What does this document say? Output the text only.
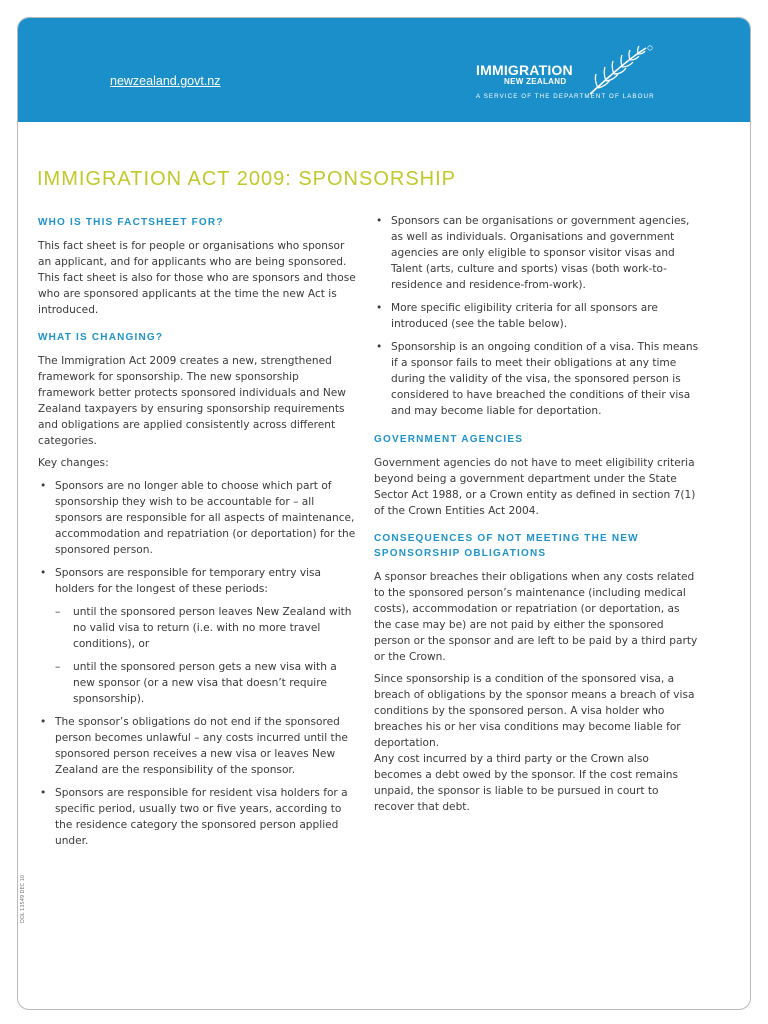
newzealand.govt.nz
IMMIGRATION
NEW ZEALAND
A SERVICE OF THE DEPARTMENT OF LABOUR
DOL 13549 DEC 10
IMMIGRATION ACT 2009: SPONSORSHIP
WHO IS THIS FACTSHEET FOR?
This fact sheet is for people or organisations who sponsor an applicant, and for applicants who are being sponsored. This fact sheet is also for those who are sponsors and those who are sponsored applicants at the time the new Act is introduced.
WHAT IS CHANGING?
The Immigration Act 2009 creates a new, strengthened framework for sponsorship. The new sponsorship framework better protects sponsored individuals and New Zealand taxpayers by ensuring sponsorship requirements and obligations are applied consistently across different categories.
Key changes:
• Sponsors are no longer able to choose which part of sponsorship they wish to be accountable for – all sponsors are responsible for all aspects of maintenance, accommodation and repatriation (or deportation) for the sponsored person.
• Sponsors are responsible for temporary entry visa holders for the longest of these periods:
– until the sponsored person leaves New Zealand with no valid visa to return (i.e. with no more travel conditions), or
– until the sponsored person gets a new visa with a new sponsor (or a new visa that doesn’t require sponsorship).
• The sponsor’s obligations do not end if the sponsored person becomes unlawful – any costs incurred until the sponsored person receives a new visa or leaves New Zealand are the responsibility of the sponsor.
• Sponsors are responsible for resident visa holders for a specific period, usually two or five years, according to the residence category the sponsored person applied under.
• Sponsors can be organisations or government agencies, as well as individuals. Organisations and government agencies are only eligible to sponsor visitor visas and Talent (arts, culture and sports) visas (both work-to-residence and residence-from-work).
• More specific eligibility criteria for all sponsors are introduced (see the table below).
• Sponsorship is an ongoing condition of a visa. This means if a sponsor fails to meet their obligations at any time during the validity of the visa, the sponsored person is considered to have breached the conditions of their visa and may become liable for deportation.
GOVERNMENT AGENCIES
Government agencies do not have to meet eligibility criteria beyond being a government department under the State Sector Act 1988, or a Crown entity as defined in section 7(1) of the Crown Entities Act 2004.
CONSEQUENCES OF NOT MEETING THE NEW SPONSORSHIP OBLIGATIONS
A sponsor breaches their obligations when any costs related to the sponsored person’s maintenance (including medical costs), accommodation or repatriation (or deportation, as the case may be) are not paid by either the sponsored person or the sponsor and are left to be paid by a third party or the Crown.
Since sponsorship is a condition of the sponsored visa, a breach of obligations by the sponsor means a breach of visa conditions by the sponsored person. A visa holder who breaches his or her visa conditions may become liable for deportation.
Any cost incurred by a third party or the Crown also becomes a debt owed by the sponsor. If the cost remains unpaid, the sponsor is liable to be pursued in court to recover that debt.
